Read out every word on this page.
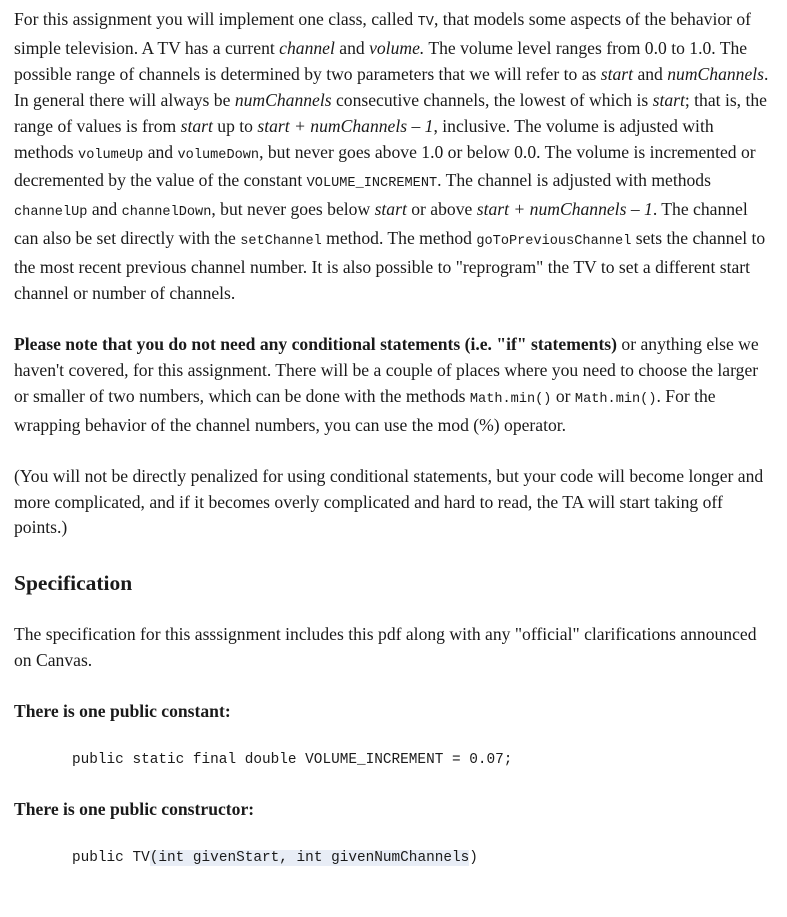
For this assignment you will implement one class, called TV, that models some aspects of the behavior of simple television. A TV has a current channel and volume. The volume level ranges from 0.0 to 1.0. The possible range of channels is determined by two parameters that we will refer to as start and numChannels. In general there will always be numChannels consecutive channels, the lowest of which is start; that is, the range of values is from start up to start + numChannels – 1, inclusive. The volume is adjusted with methods volumeUp and volumeDown, but never goes above 1.0 or below 0.0. The volume is incremented or decremented by the value of the constant VOLUME_INCREMENT. The channel is adjusted with methods channelUp and channelDown, but never goes below start or above start + numChannels – 1. The channel can also be set directly with the setChannel method. The method goToPreviousChannel sets the channel to the most recent previous channel number. It is also possible to "reprogram" the TV to set a different start channel or number of channels.

Please note that you do not need any conditional statements (i.e. "if" statements) or anything else we haven't covered, for this assignment. There will be a couple of places where you need to choose the larger or smaller of two numbers, which can be done with the methods Math.min() or Math.min(). For the wrapping behavior of the channel numbers, you can use the mod (%) operator.

(You will not be directly penalized for using conditional statements, but your code will become longer and more complicated, and if it becomes overly complicated and hard to read, the TA will start taking off points.)

Specification

The specification for this asssignment includes this pdf along with any "official" clarifications announced on Canvas.

There is one public constant:

public static final double VOLUME_INCREMENT = 0.07;

There is one public constructor:

public TV(int givenStart, int givenNumChannels)
